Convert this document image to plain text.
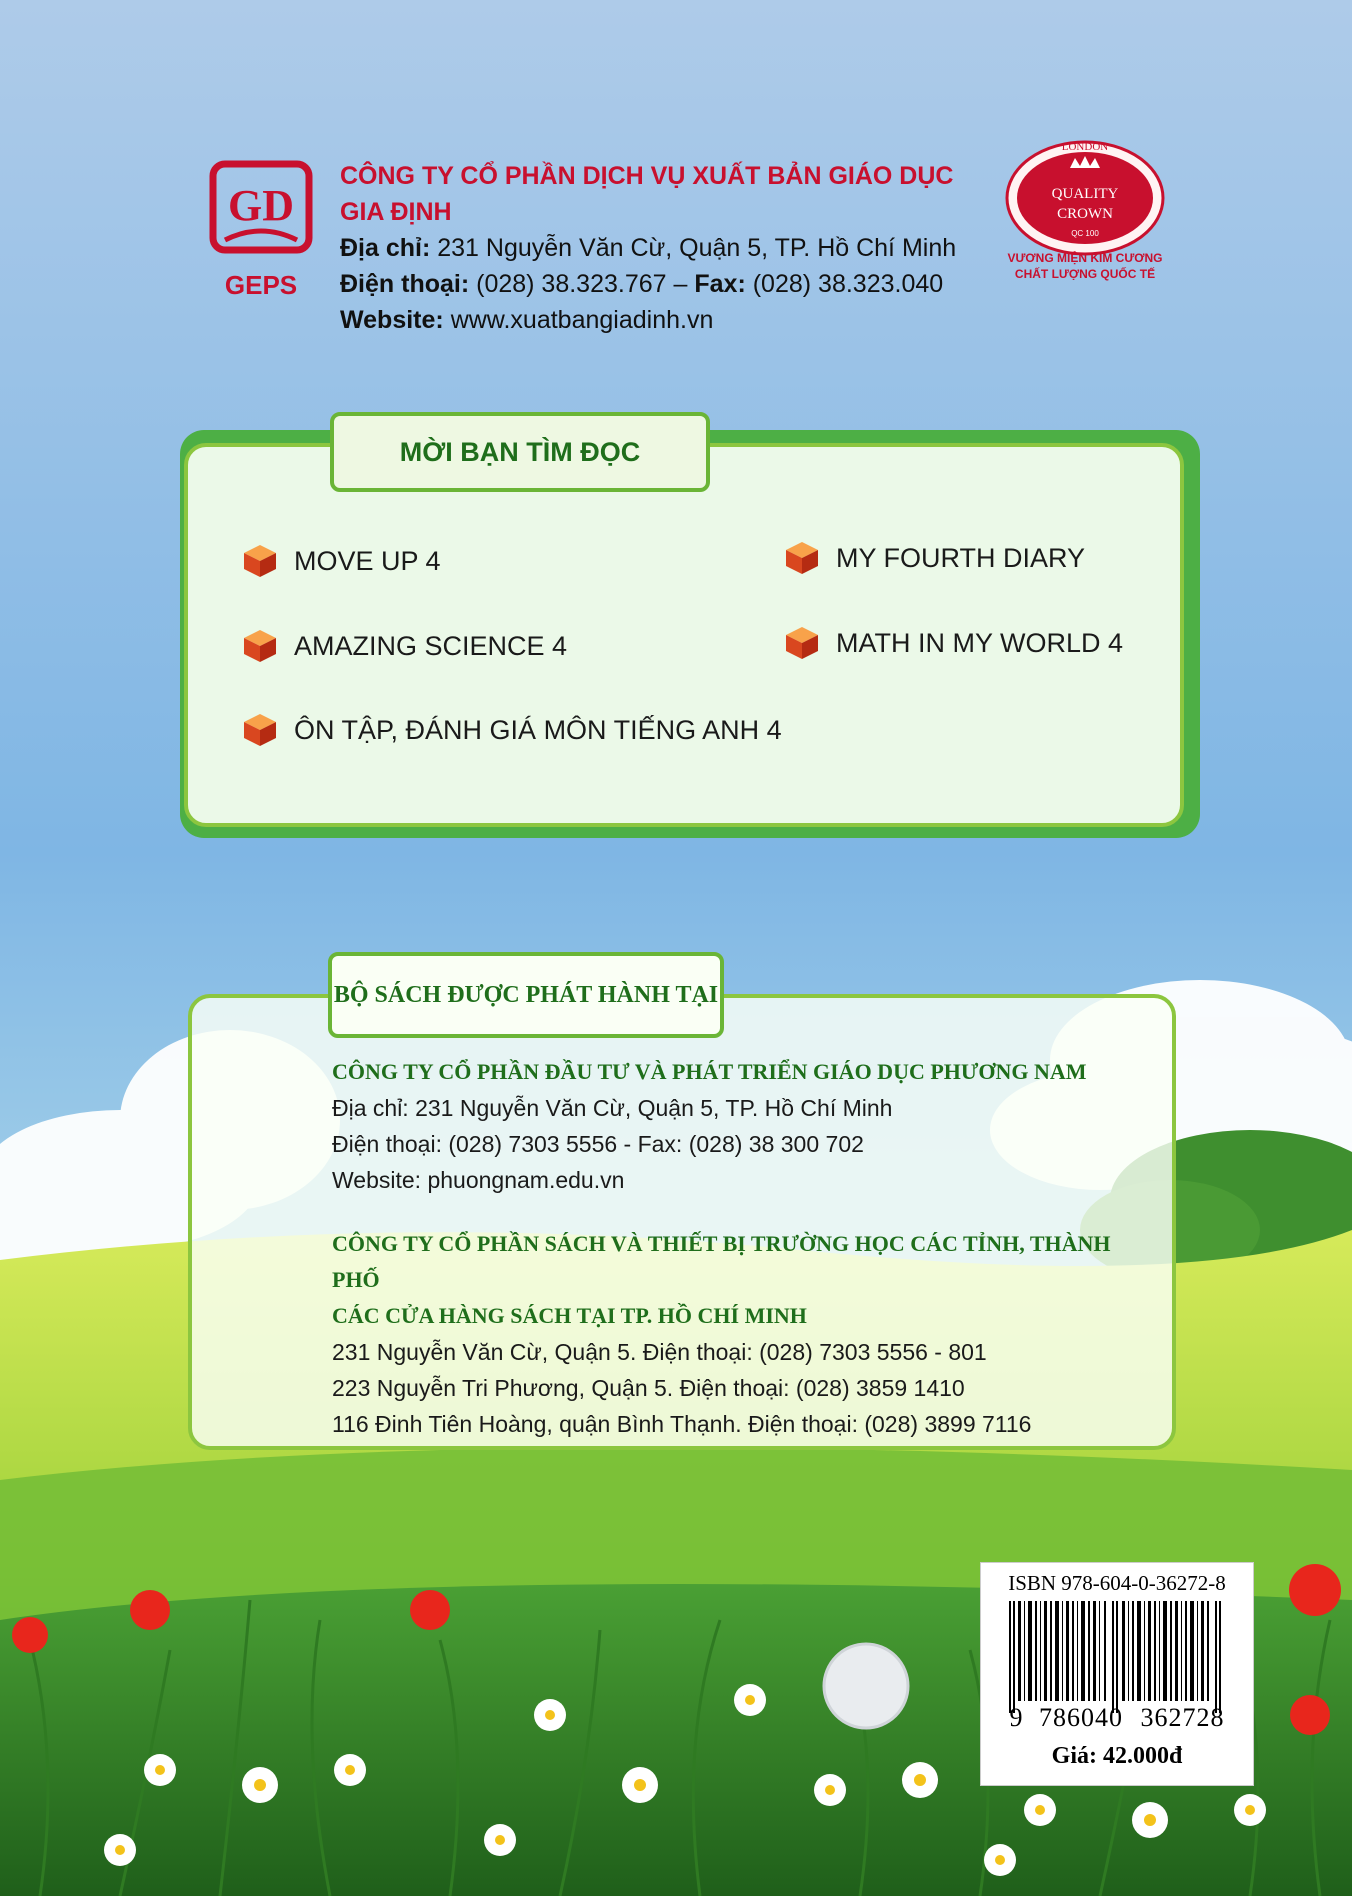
GD
GEPS
CÔNG TY CỔ PHẦN DỊCH VỤ XUẤT BẢN GIÁO DỤC GIA ĐỊNH
Địa chỉ: 231 Nguyễn Văn Cừ, Quận 5, TP. Hồ Chí Minh
Điện thoại: (028) 38.323.767 – Fax: (028) 38.323.040
Website: www.xuatbangiadinh.vn
LONDON
QUALITY
CROWN
QC 100
VƯƠNG MIỆN KIM CƯƠNG
CHẤT LƯỢNG QUỐC TẾ
MỜI BẠN TÌM ĐỌC
MOVE UP 4	MY FOURTH DIARY
AMAZING SCIENCE 4	MATH IN MY WORLD 4
ÔN TẬP, ĐÁNH GIÁ MÔN TIẾNG ANH 4
BỘ SÁCH ĐƯỢC PHÁT HÀNH TẠI
CÔNG TY CỔ PHẦN ĐẦU TƯ VÀ PHÁT TRIỂN GIÁO DỤC PHƯƠNG NAM
Địa chỉ: 231 Nguyễn Văn Cừ, Quận 5, TP. Hồ Chí Minh
Điện thoại: (028) 7303 5556 - Fax: (028) 38 300 702
Website: phuongnam.edu.vn
CÔNG TY CỔ PHẦN SÁCH VÀ THIẾT BỊ TRƯỜNG HỌC CÁC TỈNH, THÀNH PHỐ
CÁC CỬA HÀNG SÁCH TẠI TP. HỒ CHÍ MINH
231 Nguyễn Văn Cừ, Quận 5. Điện thoại: (028) 7303 5556 - 801
223 Nguyễn Tri Phương, Quận 5. Điện thoại: (028) 3859 1410
116 Đinh Tiên Hoàng, quận Bình Thạnh. Điện thoại: (028) 3899 7116
ISBN 978-604-0-36272-8
9 786040 362728
Giá: 42.000đ
